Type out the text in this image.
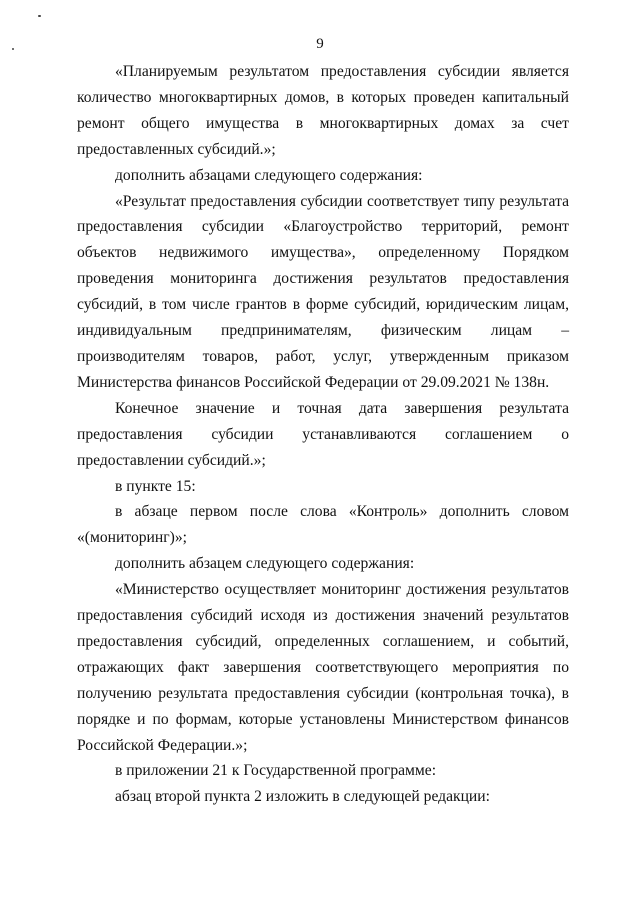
9

«Планируемым результатом предоставления субсидии является количество многоквартирных домов, в которых проведен капитальный ремонт общего имущества в многоквартирных домах за счет предоставленных субсидий.»;

дополнить абзацами следующего содержания:

«Результат предоставления субсидии соответствует типу результата предоставления субсидии «Благоустройство территорий, ремонт объектов недвижимого имущества», определенному Порядком проведения мониторинга достижения результатов предоставления субсидий, в том числе грантов в форме субсидий, юридическим лицам, индивидуальным предпринимателям, физическим лицам – производителям товаров, работ, услуг, утвержденным приказом Министерства финансов Российской Федерации от 29.09.2021 № 138н.

Конечное значение и точная дата завершения результата предоставления субсидии устанавливаются соглашением о предоставлении субсидий.»;

в пункте 15:

в абзаце первом после слова «Контроль» дополнить словом «(мониторинг)»;

дополнить абзацем следующего содержания:

«Министерство осуществляет мониторинг достижения результатов предоставления субсидий исходя из достижения значений результатов предоставления субсидий, определенных соглашением, и событий, отражающих факт завершения соответствующего мероприятия по получению результата предоставления субсидии (контрольная точка), в порядке и по формам, которые установлены Министерством финансов Российской Федерации.»;

в приложении 21 к Государственной программе:

абзац второй пункта 2 изложить в следующей редакции:
